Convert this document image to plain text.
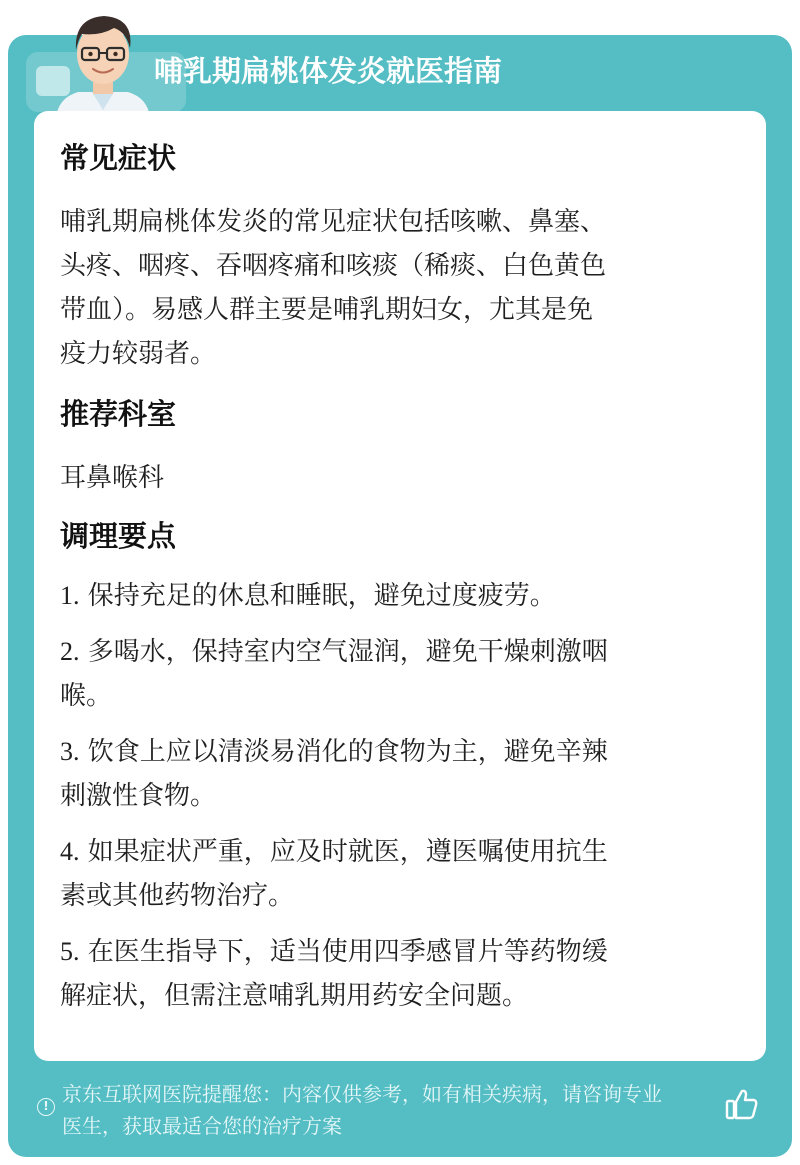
哺乳期扁桃体发炎就医指南
常见症状

哺乳期扁桃体发炎的常见症状包括咳嗽、鼻塞、

头疼、咽疼、吞咽疼痛和咳痰（稀痰、白色黄色

带血）。易感人群主要是哺乳期妇女，尤其是免

疫力较弱者。

推荐科室

耳鼻喉科

调理要点
1. 保持充足的休息和睡眠，避免过度疲劳。
2. 多喝水，保持室内空气湿润，避免干燥刺激咽
喉。
3. 饮食上应以清淡易消化的食物为主，避免辛辣
刺激性食物。
4. 如果症状严重，应及时就医，遵医嘱使用抗生
素或其他药物治疗。
5. 在医生指导下，适当使用四季感冒片等药物缓
解症状，但需注意哺乳期用药安全问题。
! 京东互联网医院提醒您：内容仅供参考，如有相关疾病，请咨询专业
医生，获取最适合您的治疗方案
